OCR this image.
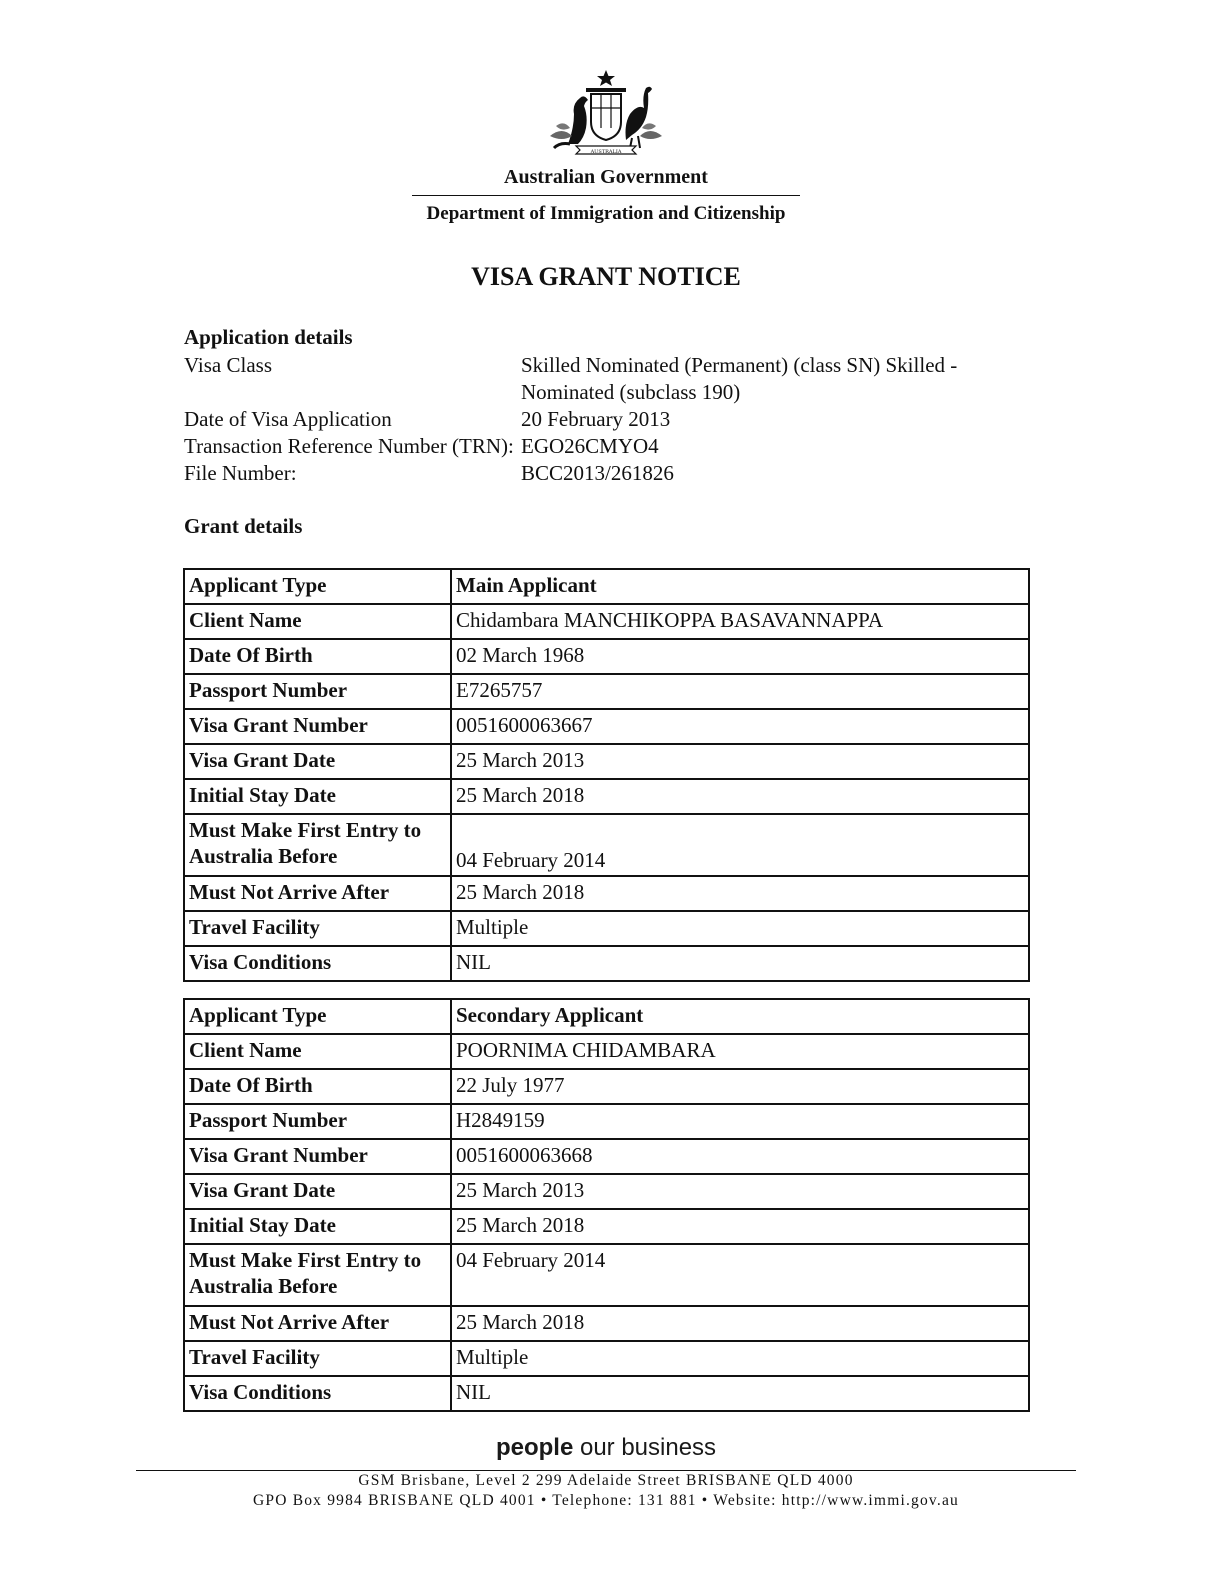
AUSTRALIA
Australian Government
Department of Immigration and Citizenship
VISA GRANT NOTICE
Application details
Visa Class	Skilled Nominated (Permanent) (class SN) Skilled -
Nominated (subclass 190)
Date of Visa Application	20 February 2013
Transaction Reference Number (TRN): EGO26CMYO4
File Number:	BCC2013/261826
Grant details
Applicant Type	Main Applicant
Client Name	Chidambara MANCHIKOPPA BASAVANNAPPA
Date Of Birth	02 March 1968
Passport Number	E7265757
Visa Grant Number	0051600063667
Visa Grant Date	25 March 2013
Initial Stay Date	25 March 2018
Must Make First Entry to Australia Before	04 February 2014
Must Not Arrive After	25 March 2018
Travel Facility	Multiple
Visa Conditions	NIL
Applicant Type	Secondary Applicant
Client Name	POORNIMA CHIDAMBARA
Date Of Birth	22 July 1977
Passport Number	H2849159
Visa Grant Number	0051600063668
Visa Grant Date	25 March 2013
Initial Stay Date	25 March 2018
Must Make First Entry to Australia Before	04 February 2014
Must Not Arrive After	25 March 2018
Travel Facility	Multiple
Visa Conditions	NIL
people our business
GSM Brisbane, Level 2 299 Adelaide Street BRISBANE QLD 4000
GPO Box 9984 BRISBANE QLD 4001 • Telephone: 131 881 • Website: http://www.immi.gov.au
